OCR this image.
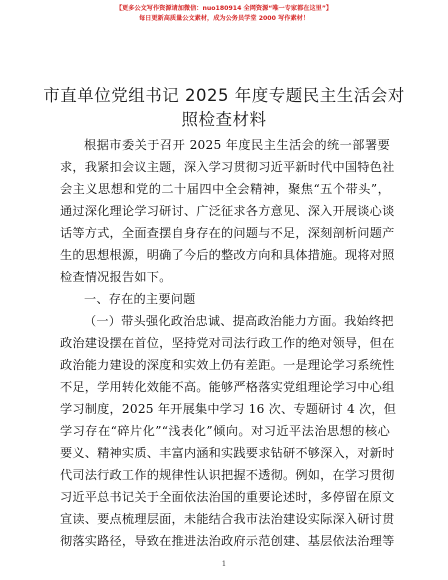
【更多公文写作资源请加微信：nuo180914 全网资源“唯一专家都在这里”】
每日更新高质量公文素材，成为公务员学堂 2000 写作素材！
市直单位党组书记 2025 年度专题民主生活会对
照检查材料
根据市委关于召开 2025 年度民主生活会的统一部署要
求，我紧扣会议主题，深入学习贯彻习近平新时代中国特色社
会主义思想和党的二十届四中全会精神，聚焦“五个带头”，
通过深化理论学习研讨、广泛征求各方意见、深入开展谈心谈
话等方式，全面查摆自身存在的问题与不足，深刻剖析问题产
生的思想根源，明确了今后的整改方向和具体措施。现将对照
检查情况报告如下。
一、存在的主要问题
（一）带头强化政治忠诚、提高政治能力方面。我始终把
政治建设摆在首位，坚持党对司法行政工作的绝对领导，但在
政治能力建设的深度和实效上仍有差距。一是理论学习系统性
不足，学用转化效能不高。能够严格落实党组理论学习中心组
学习制度，2025 年开展集中学习 16 次、专题研讨 4 次，但
学习存在“碎片化”“浅表化”倾向。对习近平法治思想的核心
要义、精神实质、丰富内涵和实践要求钻研不够深入，对新时
代司法行政工作的规律性认识把握不透彻。例如，在学习贯彻
习近平总书记关于全面依法治国的重要论述时，多停留在原文
宣读、要点梳理层面，未能结合我市法治建设实际深入研讨贯
彻落实路径，导致在推进法治政府示范创建、基层依法治理等
1
